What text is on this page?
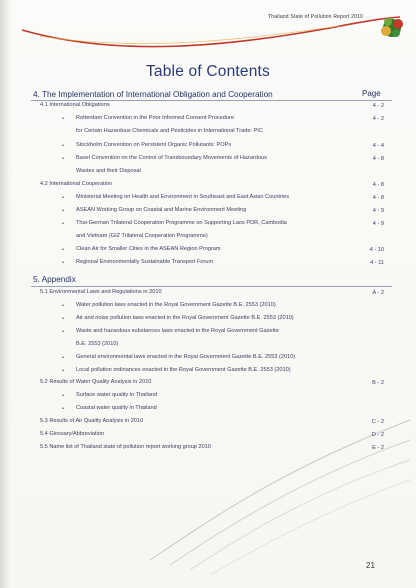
Thailand State of Pollution Report 2010
Table of Contents
4. The Implementation of International Obligation and Cooperation	Page
4.1 International Obligations	4 - 2
• Rotterdam Convention in the Prior Informed Consent Procedure	4 - 2
for Certain Hazardous Chemicals and Pesticides in International Trade: PIC
• Stockholm Convention on Persistent Organic Pollutants: POPs	4 - 4
• Basel Convention on the Control of Transboundary Movements of Hazardous	4 - 8
Wastes and their Disposal
4.2 International Cooperation	4 - 8
• Ministerial Meeting on Health and Environment in Southeast and East Asian Countries	4 - 8
• ASEAN Working Group on Coastal and Marine Environment Meeting	4 - 9
• Thai-German Trilateral Cooperation Programme on Supporting Laos PDR, Cambodia	4 - 9
and Vietnam (GIZ Trilateral Cooperation Programme)
• Clean Air for Smaller Cities in the ASEAN Region Program	4 - 10
• Regional Environmentally Sustainable Transport Forum	4 - 11
5. Appendix
5.1 Environmental Laws and Regulations in 2010	A - 2
• Water pollution laws enacted in the Royal Government Gazette B.E. 2553 (2010)
• Air and noise pollution laws enacted in the Royal Government Gazette B.E. 2553 (2010)
• Waste and hazardous substances laws enacted in the Royal Government Gazette
B.E. 2553 (2010)
• General environmental laws enacted in the Royal Government Gazette B.E. 2553 (2010)
• Local pollution ordinances enacted in the Royal Government Gazette B.E. 2553 (2010)
5.2 Results of Water Quality Analysis in 2010	B - 2
• Surface water quality in Thailand
• Coastal water quality in Thailand
5.3 Results of Air Quality Analysis in 2010	C - 2
5.4 Glossary/Abbreviation	D - 2
5.5 Name list of Thailand state of pollution report working group 2010	E - 2
21
